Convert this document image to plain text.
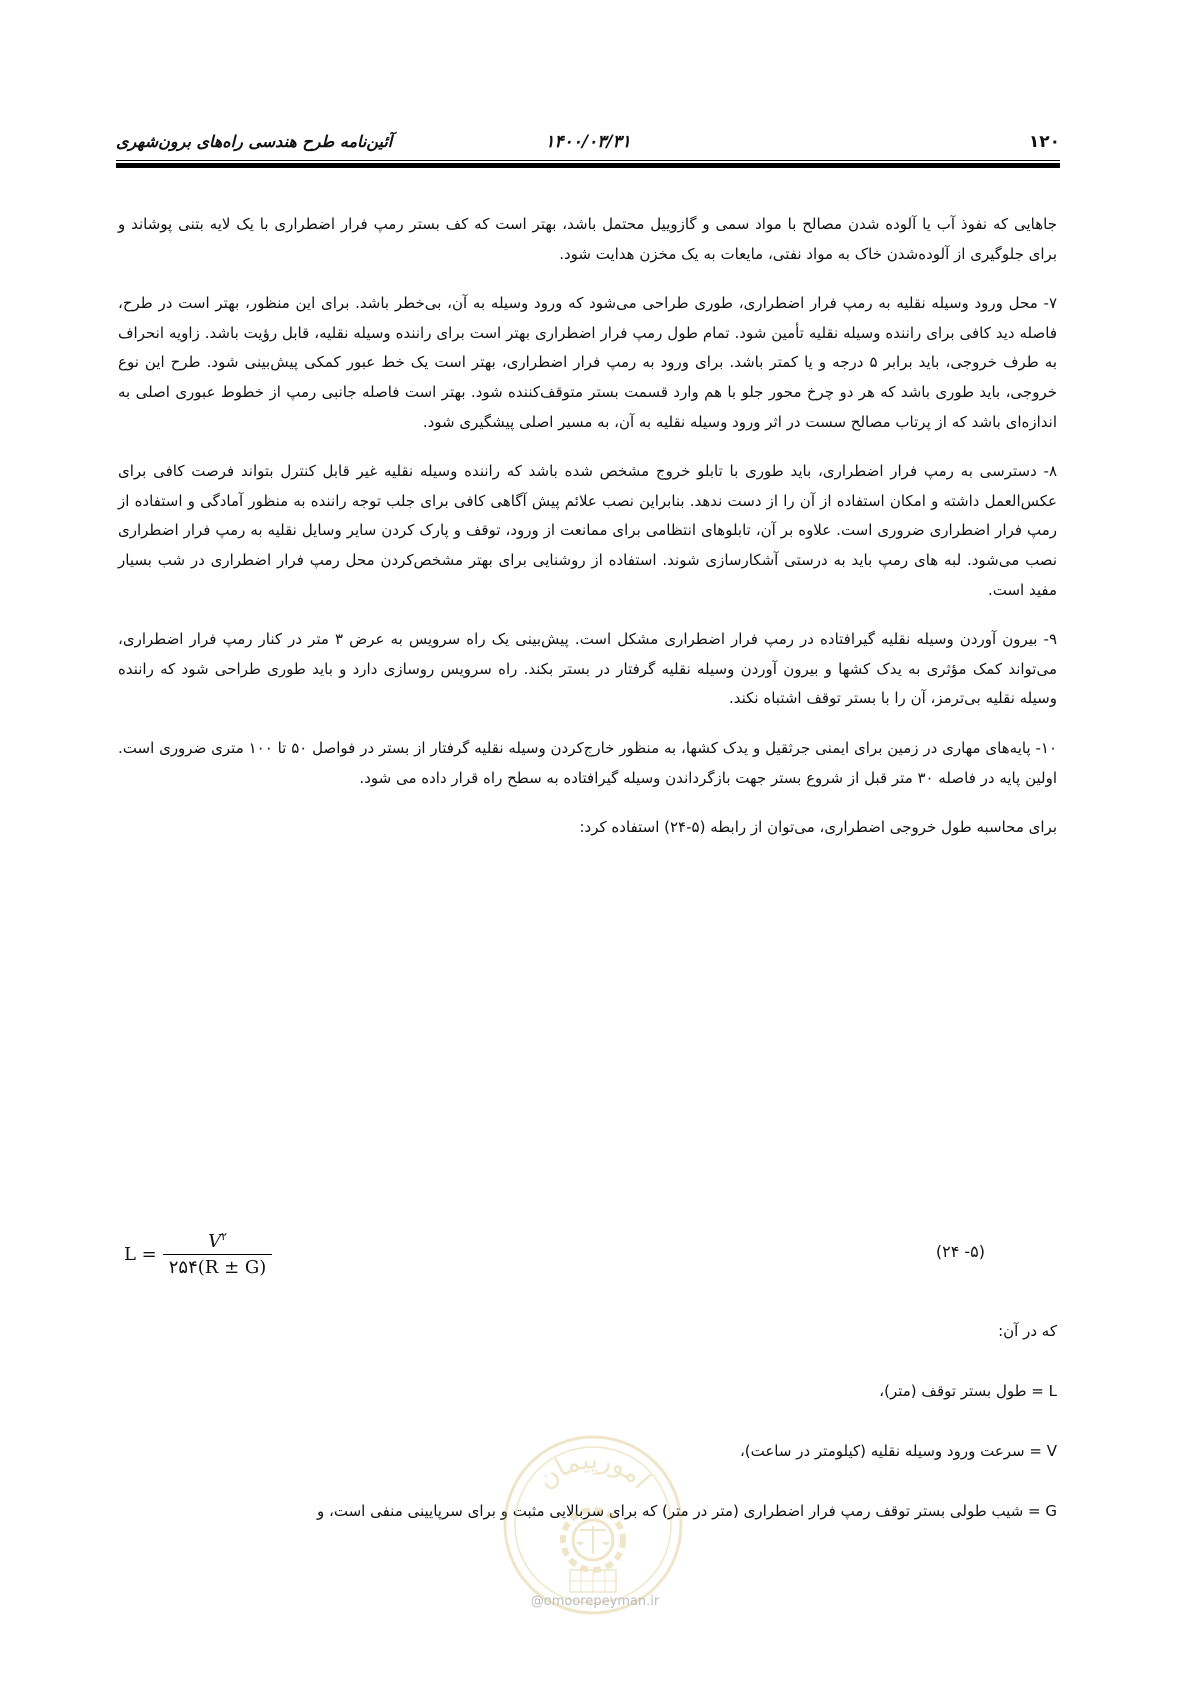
۱۲۰
۱۴۰۰/۰۳/۳۱
آئین‌نامه طرح هندسی راه‌های برون‌شهری

جاهایی که نفوذ آب یا آلوده شدن مصالح با مواد سمی و گازوییل محتمل باشد، بهتر است که کف بستر رمپ فرار اضطراری با یک لایه بتنی پوشاند و برای جلوگیری از آلوده‌شدن خاک به مواد نفتی، مایعات به یک مخزن هدایت شود.

۷- محل ورود وسیله نقلیه به رمپ فرار اضطراری، طوری طراحی می‌شود که ورود وسیله به آن، بی‌خطر باشد. برای این منظور، بهتر است در طرح، فاصله دید کافی برای راننده وسیله نقلیه تأمین شود. تمام طول رمپ فرار اضطراری بهتر است برای راننده وسیله نقلیه، قابل رؤیت باشد. زاویه انحراف به طرف خروجی، باید برابر ۵ درجه و یا کمتر باشد. برای ورود به رمپ فرار اضطراری، بهتر است یک خط عبور کمکی پیش‌بینی شود. طرح این نوع خروجی، باید طوری باشد که هر دو چرخ محور جلو با هم وارد قسمت بستر متوقف‌کننده شود. بهتر است فاصله جانبی رمپ از خطوط عبوری اصلی به اندازه‌ای باشد که از پرتاب مصالح سست در اثر ورود وسیله نقلیه به آن، به مسیر اصلی پیشگیری شود.

۸- دسترسی به رمپ فرار اضطراری، باید طوری با تابلو خروج مشخص شده باشد که راننده وسیله نقلیه غیر قابل کنترل بتواند فرصت کافی برای عکس‌العمل داشته و امکان استفاده از آن را از دست ندهد. بنابراین نصب علائم پیش آگاهی کافی برای جلب توجه راننده به منظور آمادگی و استفاده از رمپ فرار اضطراری ضروری است. علاوه بر آن، تابلوهای انتظامی برای ممانعت از ورود، توقف و پارک کردن سایر وسایل نقلیه به رمپ فرار اضطراری نصب می‌شود. لبه های رمپ باید به درستی آشکارسازی شوند. استفاده از روشنایی برای بهتر مشخص‌کردن محل رمپ فرار اضطراری در شب بسیار مفید است.

۹- بیرون آوردن وسیله نقلیه گیرافتاده در رمپ فرار اضطراری مشکل است. پیش‌بینی یک راه سرویس به عرض ۳ متر در کنار رمپ فرار اضطراری، می‌تواند کمک مؤثری به یدک کشها و بیرون آوردن وسیله نقلیه گرفتار در بستر بکند. راه سرویس روسازی دارد و باید طوری طراحی شود که راننده وسیله نقلیه بی‌ترمز، آن را با بستر توقف اشتباه نکند.

۱۰- پایه‌های مهاری در زمین برای ایمنی جرثقیل و یدک کشها، به منظور خارج‌کردن وسیله نقلیه گرفتار از بستر در فواصل ۵۰ تا ۱۰۰ متری ضروری است. اولین پایه در فاصله ۳۰ متر قبل از شروع بستر جهت بازگرداندن وسیله گیرافتاده به سطح راه قرار داده می شود.

برای محاسبه طول خروجی اضطراری، می‌توان از رابطه (۵-۲۴) استفاده کرد:

(۵- ۲۴)
$L = \frac{V^۲}{۲۵۴(R \pm G)}$
که در آن:
L = طول بستر توقف (متر)،
V = سرعت ورود وسیله نقلیه (کیلومتر در ساعت)،
G = شیب طولی بستر توقف رمپ فرار اضطراری (متر در متر) که برای سربالایی مثبت و برای سرپایینی منفی است، و
امورپیمان
@omoorepeyman.ir
